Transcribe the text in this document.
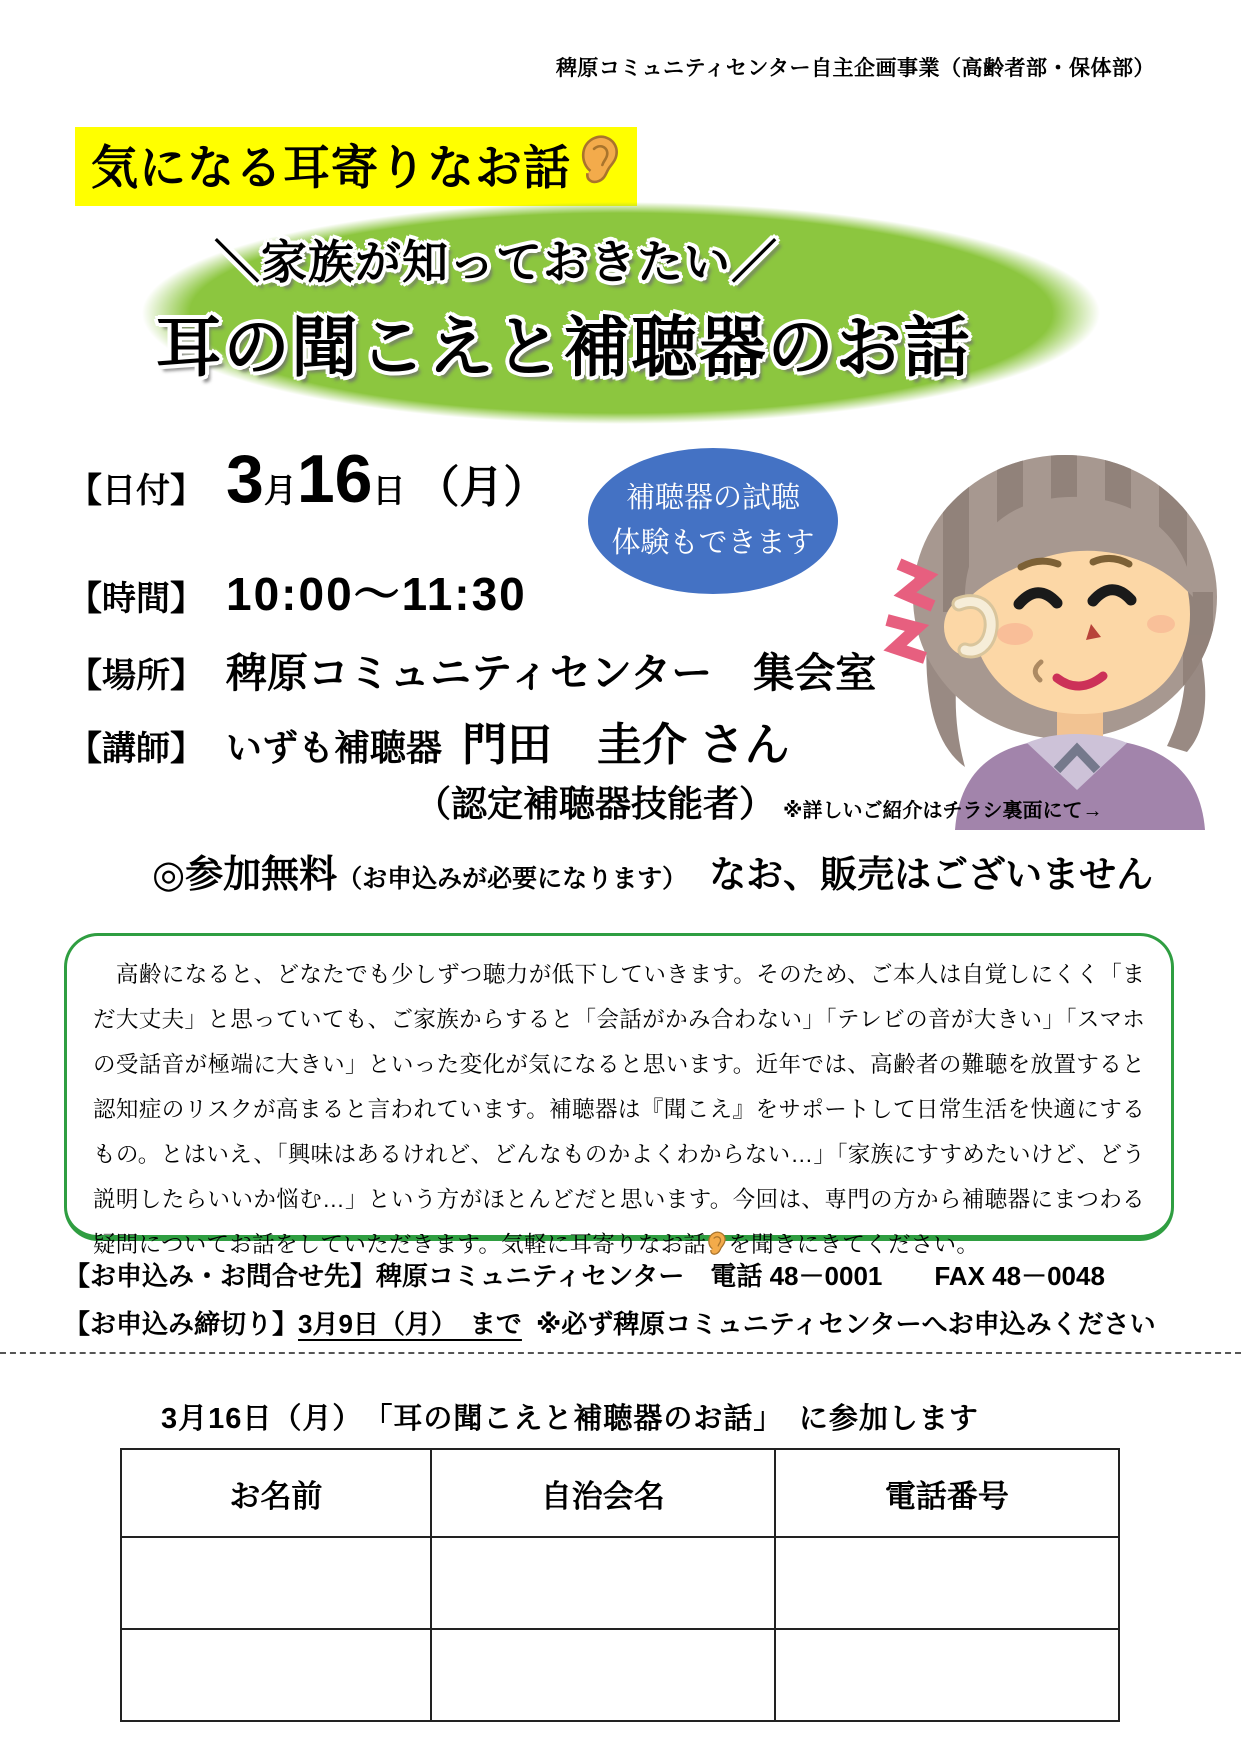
稗原コミュニティセンター自主企画事業（高齢者部・保体部）
気になる耳寄りなお話
＼家族が知っておきたい／
耳の聞こえと補聴器のお話
補聴器の試聴
体験もできます
【日付】 3 月 16 日 （月）
【時間】 10:00～11:30
【場所】 稗原コミュニティセンター　集会室
【講師】 いずも補聴器 門田　圭介 さん
（認定補聴器技能者） ※詳しいご紹介はチラシ裏面にて→
◎参加無料 （お申込みが必要になります） なお、販売はございません
　高齢になると、どなたでも少しずつ聴力が低下していきます。そのため、ご本人は自覚しにくく「まだ大丈夫」と思っていても、ご家族からすると「会話がかみ合わない」「テレビの音が大きい」「スマホの受話音が極端に大きい」といった変化が気になると思います。近年では、高齢者の難聴を放置すると認知症のリスクが高まると言われています。補聴器は『聞こえ』をサポートして日常生活を快適にするもの。とはいえ、「興味はあるけれど、どんなものかよくわからない…」「家族にすすめたいけど、どう説明したらいいか悩む…」という方がほとんどだと思います。今回は、専門の方から補聴器にまつわる疑問についてお話をしていただきます。気軽に耳寄りなお話 を聞きにきてください。
【お申込み・お問合せ先】稗原コミュニティセンター　電話 48－0001　　FAX 48－0048
【お申込み締切り】3月9日（月）　まで ※必ず稗原コミュニティセンターへお申込みください
3月16日（月）　「耳の聞こえと補聴器のお話」　に参加します
お名前	自治会名	電話番号
